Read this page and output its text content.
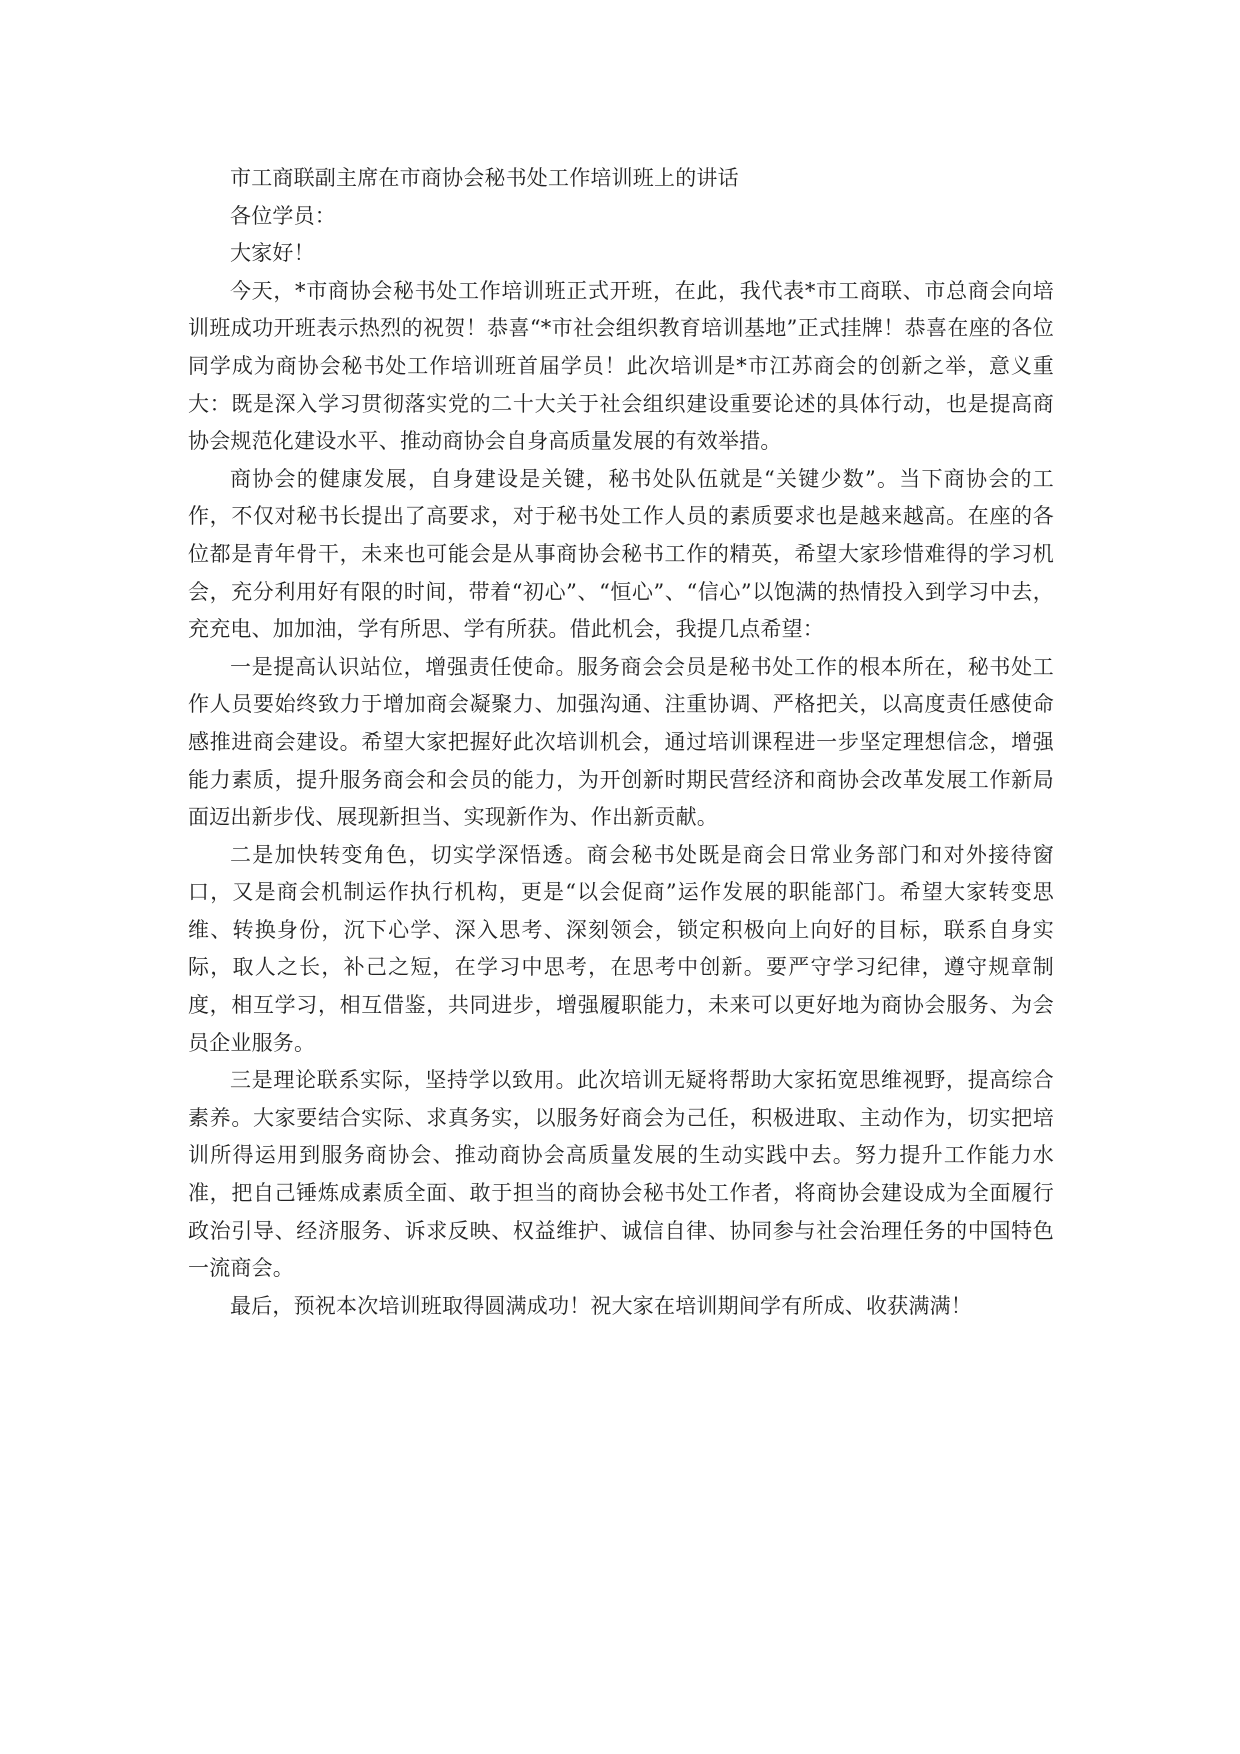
市工商联副主席在市商协会秘书处工作培训班上的讲话

各位学员：

大家好！

今天，*市商协会秘书处工作培训班正式开班，在此，我代表*市工商联、市总商会向培训班成功开班表示热烈的祝贺！恭喜“*市社会组织教育培训基地”正式挂牌！恭喜在座的各位同学成为商协会秘书处工作培训班首届学员！此次培训是*市江苏商会的创新之举，意义重大：既是深入学习贯彻落实党的二十大关于社会组织建设重要论述的具体行动，也是提高商协会规范化建设水平、推动商协会自身高质量发展的有效举措。

商协会的健康发展，自身建设是关键，秘书处队伍就是“关键少数”。当下商协会的工作，不仅对秘书长提出了高要求，对于秘书处工作人员的素质要求也是越来越高。在座的各位都是青年骨干，未来也可能会是从事商协会秘书工作的精英，希望大家珍惜难得的学习机会，充分利用好有限的时间，带着“初心”、“恒心”、“信心”以饱满的热情投入到学习中去，充充电、加加油，学有所思、学有所获。借此机会，我提几点希望：

一是提高认识站位，增强责任使命。服务商会会员是秘书处工作的根本所在，秘书处工作人员要始终致力于增加商会凝聚力、加强沟通、注重协调、严格把关，以高度责任感使命感推进商会建设。希望大家把握好此次培训机会，通过培训课程进一步坚定理想信念，增强能力素质，提升服务商会和会员的能力，为开创新时期民营经济和商协会改革发展工作新局面迈出新步伐、展现新担当、实现新作为、作出新贡献。

二是加快转变角色，切实学深悟透。商会秘书处既是商会日常业务部门和对外接待窗口，又是商会机制运作执行机构，更是“以会促商”运作发展的职能部门。希望大家转变思维、转换身份，沉下心学、深入思考、深刻领会，锁定积极向上向好的目标，联系自身实际，取人之长，补己之短，在学习中思考，在思考中创新。要严守学习纪律，遵守规章制度，相互学习，相互借鉴，共同进步，增强履职能力，未来可以更好地为商协会服务、为会员企业服务。

三是理论联系实际，坚持学以致用。此次培训无疑将帮助大家拓宽思维视野，提高综合素养。大家要结合实际、求真务实，以服务好商会为己任，积极进取、主动作为，切实把培训所得运用到服务商协会、推动商协会高质量发展的生动实践中去。努力提升工作能力水准，把自己锤炼成素质全面、敢于担当的商协会秘书处工作者，将商协会建设成为全面履行政治引导、经济服务、诉求反映、权益维护、诚信自律、协同参与社会治理任务的中国特色一流商会。

最后，预祝本次培训班取得圆满成功！祝大家在培训期间学有所成、收获满满！
